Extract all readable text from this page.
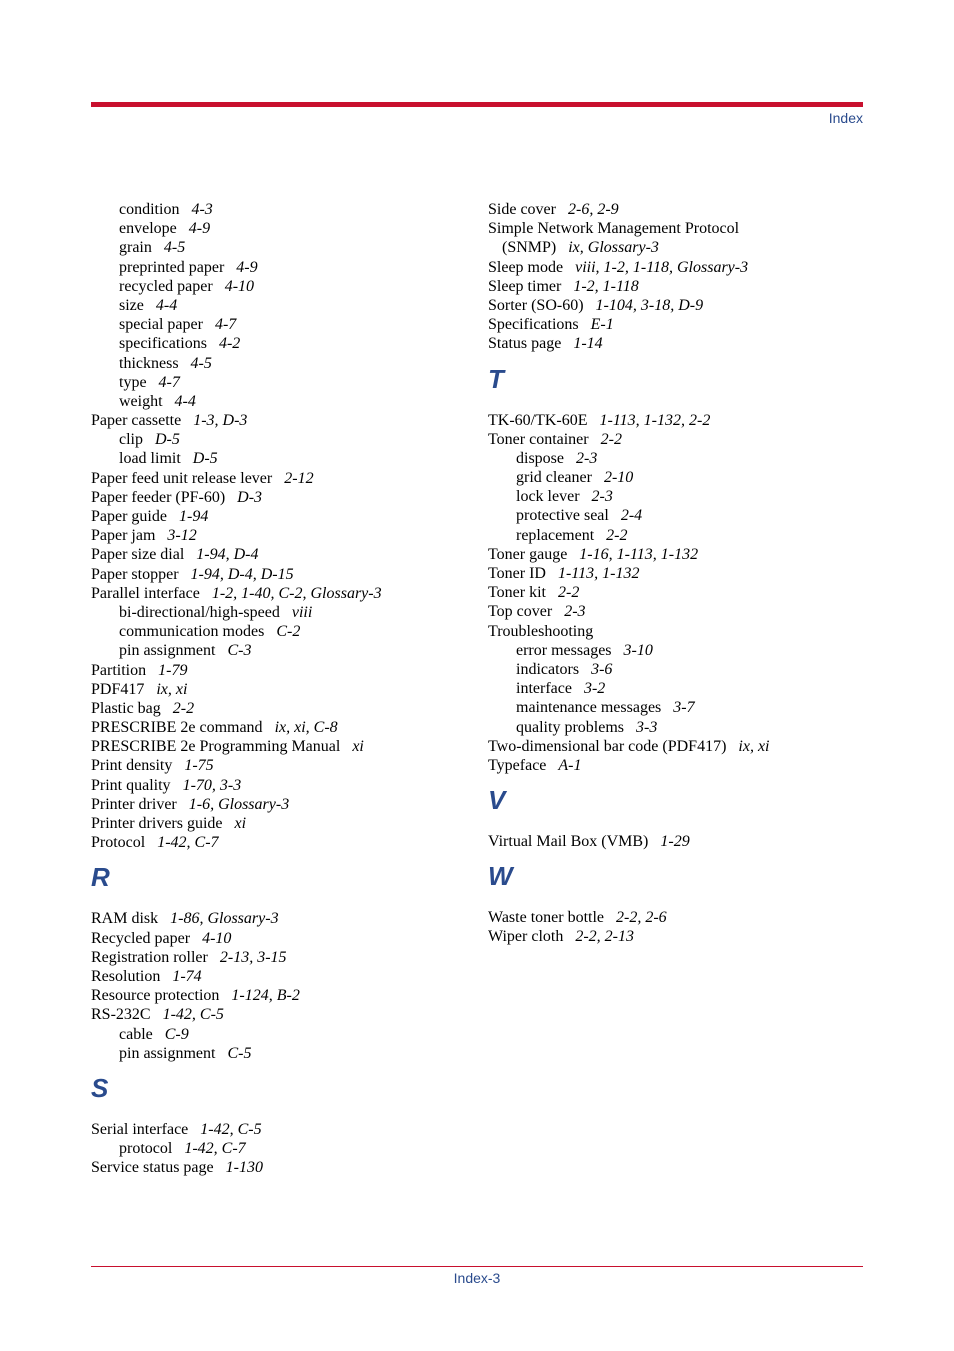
Index
condition 4-3
envelope 4-9
grain 4-5
preprinted paper 4-9
recycled paper 4-10
size 4-4
special paper 4-7
specifications 4-2
thickness 4-5
type 4-7
weight 4-4
Paper cassette 1-3, D-3
clip D-5
load limit D-5
Paper feed unit release lever 2-12
Paper feeder (PF-60) D-3
Paper guide 1-94
Paper jam 3-12
Paper size dial 1-94, D-4
Paper stopper 1-94, D-4, D-15
Parallel interface 1-2, 1-40, C-2, Glossary-3
bi-directional/high-speed viii
communication modes C-2
pin assignment C-3
Partition 1-79
PDF417 ix, xi
Plastic bag 2-2
PRESCRIBE 2e command ix, xi, C-8
PRESCRIBE 2e Programming Manual xi
Print density 1-75
Print quality 1-70, 3-3
Printer driver 1-6, Glossary-3
Printer drivers guide xi
Protocol 1-42, C-7
R
RAM disk 1-86, Glossary-3
Recycled paper 4-10
Registration roller 2-13, 3-15
Resolution 1-74
Resource protection 1-124, B-2
RS-232C 1-42, C-5
cable C-9
pin assignment C-5
S
Serial interface 1-42, C-5
protocol 1-42, C-7
Service status page 1-130
Side cover 2-6, 2-9
Simple Network Management Protocol
(SNMP) ix, Glossary-3
Sleep mode viii, 1-2, 1-118, Glossary-3
Sleep timer 1-2, 1-118
Sorter (SO-60) 1-104, 3-18, D-9
Specifications E-1
Status page 1-14
T
TK-60/TK-60E 1-113, 1-132, 2-2
Toner container 2-2
dispose 2-3
grid cleaner 2-10
lock lever 2-3
protective seal 2-4
replacement 2-2
Toner gauge 1-16, 1-113, 1-132
Toner ID 1-113, 1-132
Toner kit 2-2
Top cover 2-3
Troubleshooting
error messages 3-10
indicators 3-6
interface 3-2
maintenance messages 3-7
quality problems 3-3
Two-dimensional bar code (PDF417) ix, xi
Typeface A-1
V
Virtual Mail Box (VMB) 1-29
W
Waste toner bottle 2-2, 2-6
Wiper cloth 2-2, 2-13
Index-3
